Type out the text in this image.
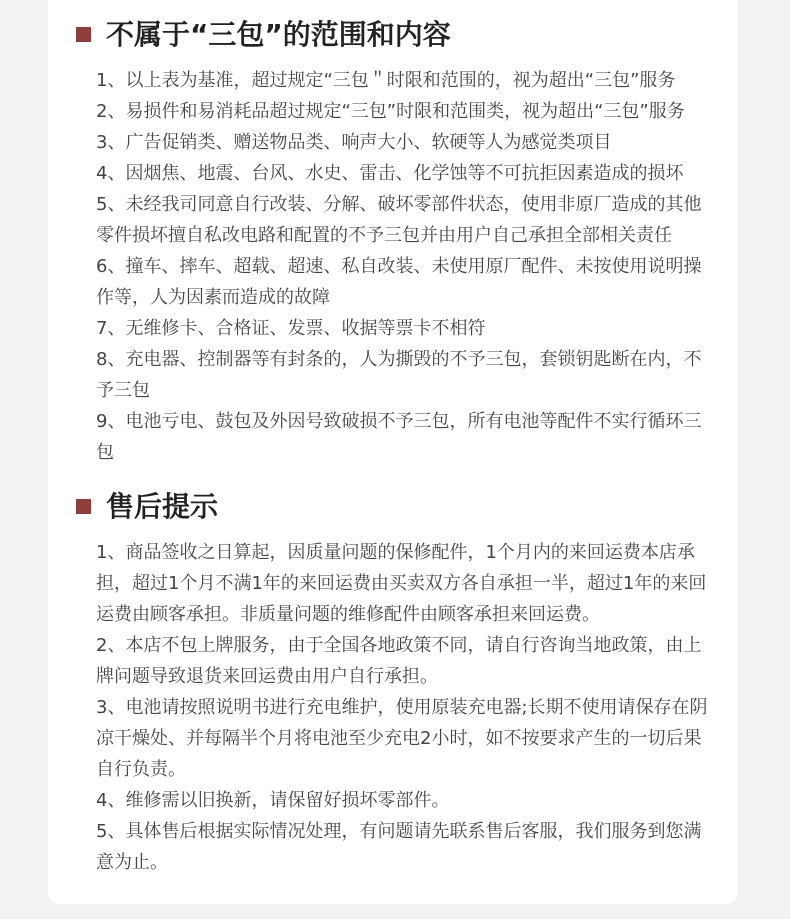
不属于“三包”的范围和内容

1、以上表为基准，超过规定“三包＂时限和范围的，视为超出“三包”服务

2、易损件和易消耗品超过规定“三包”时限和范围类，视为超出“三包”服务

3、广告促销类、赠送物品类、响声大小、软硬等人为感觉类项目

4、因烟焦、地震、台风、水史、雷击、化学蚀等不可抗拒因素造成的损坏

5、未经我司同意自行改装、分解、破坏零部件状态，使用非原厂造成的其他零件损坏擅自私改电路和配置的不予三包并由用户自己承担全部相关责任

6、撞车、摔车、超载、超速、私自改装、未使用原厂配件、未按使用说明操作等，人为因素而造成的故障

7、无维修卡、合格证、发票、收据等票卡不相符

8、充电器、控制器等有封条的，人为撕毁的不予三包，套锁钥匙断在内，不予三包

9、电池亏电、鼓包及外因号致破损不予三包，所有电池等配件不实行循环三包

售后提示

1、商品签收之日算起，因质量问题的保修配件，1个月内的来回运费本店承担，超过1个月不满1年的来回运费由买卖双方各自承担一半，超过1年的来回运费由顾客承担。非质量问题的维修配件由顾客承担来回运费。

2、本店不包上牌服务，由于全国各地政策不同，请自行咨询当地政策，由上牌问题导致退货来回运费由用户自行承担。

3、电池请按照说明书进行充电维护，使用原装充电器;长期不使用请保存在阴凉干燥处、并每隔半个月将电池至少充电2小时，如不按要求产生的一切后果自行负责。

4、维修需以旧换新，请保留好损坏零部件。

5、具体售后根据实际情况处理，有问题请先联系售后客服，我们服务到您满意为止。
